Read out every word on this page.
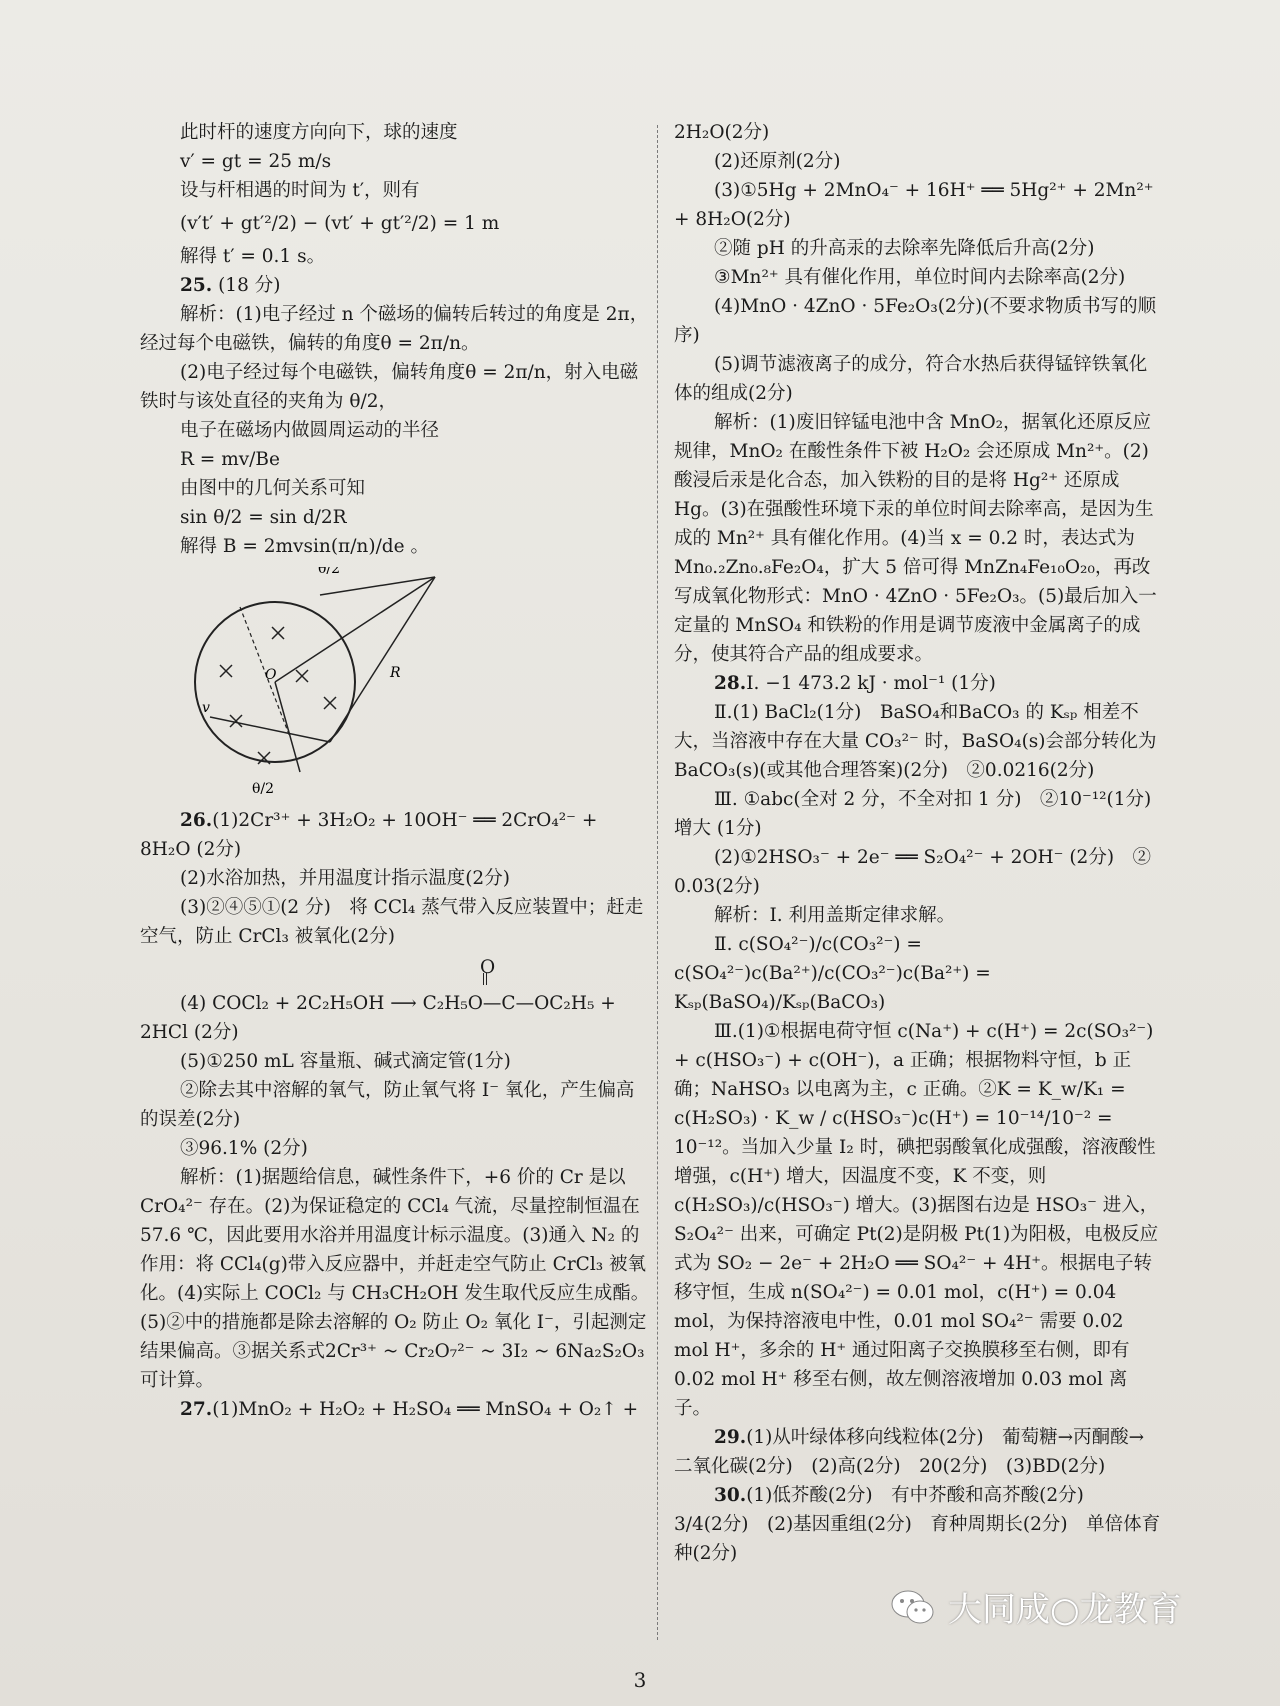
此时杆的速度方向向下，球的速度
v′ = gt = 25 m/s
设与杆相遇的时间为 t′，则有
(v′t′ + gt′²/2) − (vt′ + gt′²/2) = 1 m
解得 t′ = 0.1 s。
25. (18 分)
解析：(1)电子经过 n 个磁场的偏转后转过的角度是 2π，经过每个电磁铁，偏转的角度θ = 2π/n。
(2)电子经过每个电磁铁，偏转角度θ = 2π/n，射入电磁铁时与该处直径的夹角为 θ/2，
电子在磁场内做圆周运动的半径
R = mv/Be
由图中的几何关系可知
sin θ/2 = sin d/2R
解得 B = 2mvsin(π/n)/de 。
θ/2
O	R
v
θ/2
26.(1)2Cr³⁺ + 3H₂O₂ + 10OH⁻ ══ 2CrO₄²⁻ + 8H₂O (2分)
(2)水浴加热，并用温度计指示温度(2分)
(3)②④⑤①(2 分)　将 CCl₄ 蒸气带入反应装置中；赶走空气，防止 CrCl₃ 被氧化(2分)
O
(4) COCl₂ + 2C₂H₅OH ⟶ C₂H₅O—C—OC₂H₅ + 2HCl (2分)
(5)①250 mL 容量瓶、碱式滴定管(1分)
②除去其中溶解的氧气，防止氧气将 I⁻ 氧化，产生偏高的误差(2分)
③96.1% (2分)
解析：(1)据题给信息，碱性条件下，+6 价的 Cr 是以 CrO₄²⁻ 存在。(2)为保证稳定的 CCl₄ 气流，尽量控制恒温在 57.6 ℃，因此要用水浴并用温度计标示温度。(3)通入 N₂ 的作用：将 CCl₄(g)带入反应器中，并赶走空气防止 CrCl₃ 被氧化。(4)实际上 COCl₂ 与 CH₃CH₂OH 发生取代反应生成酯。(5)②中的措施都是除去溶解的 O₂ 防止 O₂ 氧化 I⁻，引起测定结果偏高。③据关系式2Cr³⁺ ~ Cr₂O₇²⁻ ~ 3I₂ ~ 6Na₂S₂O₃ 可计算。
27.(1)MnO₂ + H₂O₂ + H₂SO₄ ══ MnSO₄ + O₂↑ +
2H₂O(2分)
(2)还原剂(2分)
(3)①5Hg + 2MnO₄⁻ + 16H⁺ ══ 5Hg²⁺ + 2Mn²⁺ + 8H₂O(2分)
②随 pH 的升高汞的去除率先降低后升高(2分)
③Mn²⁺ 具有催化作用，单位时间内去除率高(2分)
(4)MnO · 4ZnO · 5Fe₂O₃(2分)(不要求物质书写的顺序)
(5)调节滤液离子的成分，符合水热后获得锰锌铁氧化体的组成(2分)
解析：(1)废旧锌锰电池中含 MnO₂，据氧化还原反应规律，MnO₂ 在酸性条件下被 H₂O₂ 会还原成 Mn²⁺。(2)酸浸后汞是化合态，加入铁粉的目的是将 Hg²⁺ 还原成 Hg。(3)在强酸性环境下汞的单位时间去除率高，是因为生成的 Mn²⁺ 具有催化作用。(4)当 x = 0.2 时，表达式为 Mn₀.₂Zn₀.₈Fe₂O₄，扩大 5 倍可得 MnZn₄Fe₁₀O₂₀，再改写成氧化物形式：MnO · 4ZnO · 5Fe₂O₃。(5)最后加入一定量的 MnSO₄ 和铁粉的作用是调节废液中金属离子的成分，使其符合产品的组成要求。
28.Ⅰ. −1 473.2 kJ · mol⁻¹ (1分)
Ⅱ.(1) BaCl₂(1分)　BaSO₄和BaCO₃ 的 Kₛₚ 相差不大，当溶液中存在大量 CO₃²⁻ 时，BaSO₄(s)会部分转化为 BaCO₃(s)(或其他合理答案)(2分)　②0.0216(2分)
Ⅲ. ①abc(全对 2 分，不全对扣 1 分)　②10⁻¹²(1分)　增大 (1分)
(2)①2HSO₃⁻ + 2e⁻ ══ S₂O₄²⁻ + 2OH⁻ (2分)　② 0.03(2分)
解析：Ⅰ. 利用盖斯定律求解。
Ⅱ. c(SO₄²⁻)/c(CO₃²⁻) = c(SO₄²⁻)c(Ba²⁺)/c(CO₃²⁻)c(Ba²⁺) = Kₛₚ(BaSO₄)/Kₛₚ(BaCO₃)
Ⅲ.(1)①根据电荷守恒 c(Na⁺) + c(H⁺) = 2c(SO₃²⁻) + c(HSO₃⁻) + c(OH⁻)，a 正确；根据物料守恒，b 正确；NaHSO₃ 以电离为主，c 正确。②K = K_w/K₁ = c(H₂SO₃) · K_w / c(HSO₃⁻)c(H⁺) = 10⁻¹⁴/10⁻² = 10⁻¹²。当加入少量 I₂ 时，碘把弱酸氧化成强酸，溶液酸性增强，c(H⁺) 增大，因温度不变，K 不变，则 c(H₂SO₃)/c(HSO₃⁻) 增大。(3)据图右边是 HSO₃⁻ 进入，S₂O₄²⁻ 出来，可确定 Pt(2)是阴极 Pt(1)为阳极，电极反应式为 SO₂ − 2e⁻ + 2H₂O ══ SO₄²⁻ + 4H⁺。根据电子转移守恒，生成 n(SO₄²⁻) = 0.01 mol，c(H⁺) = 0.04 mol，为保持溶液电中性，0.01 mol SO₄²⁻ 需要 0.02 mol H⁺，多余的 H⁺ 通过阳离子交换膜移至右侧，即有 0.02 mol H⁺ 移至右侧，故左侧溶液增加 0.03 mol 离子。
29.(1)从叶绿体移向线粒体(2分)　葡萄糖→丙酮酸→二氧化碳(2分)　(2)高(2分)　20(2分)　(3)BD(2分)
30.(1)低芥酸(2分)　有中芥酸和高芥酸(2分)
3/4(2分)　(2)基因重组(2分)　育种周期长(2分)　单倍体育种(2分)
3
大同成○龙教育
